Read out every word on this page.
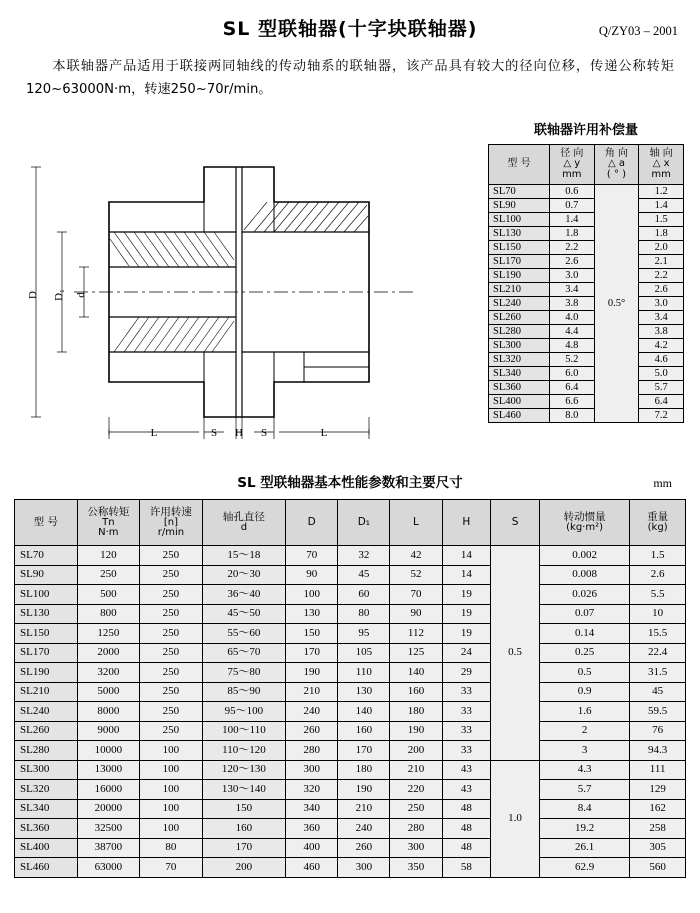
SL 型联轴器(十字块联轴器)	Q/ZY03 – 2001
本联轴器产品适用于联接两同轴线的传动轴系的联轴器，该产品具有较大的径向位移，传递公称转矩120~63000N·m，转速250~70r/min。
D D₁ d
L	S H S	L
联轴器许用补偿量
型 号	径 向
△ y
mm	角 向
△ a
( ° )	轴 向
△ x
mm

SL70	0.6	0.5°	1.2
SL90	0.7		1.4
SL100	1.4		1.5
SL130	1.8		1.8
SL150	2.2		2.0
SL170	2.6		2.1
SL190	3.0		2.2
SL210	3.4		2.6
SL240	3.8		3.0
SL260	4.0		3.4
SL280	4.4		3.8
SL300	4.8		4.2
SL320	5.2		4.6
SL340	6.0		5.0
SL360	6.4		5.7
SL400	6.6		6.4
SL460	8.0		7.2
SL 型联轴器基本性能参数和主要尺寸	mm
型 号	公称转矩
Tn
N·m	许用转速
[n]
r/min	轴孔直径
d	D	D₁	L	H	S	转动惯量
(kg·m²)	重量
(kg)

SL70	120	250	15～18	70	32	42	14	0.5	0.002	1.5
SL90	250	250	20～30	90	45	52	14		0.008	2.6
SL100	500	250	36～40	100	60	70	19		0.026	5.5
SL130	800	250	45～50	130	80	90	19		0.07	10
SL150	1250	250	55～60	150	95	112	19		0.14	15.5
SL170	2000	250	65～70	170	105	125	24		0.25	22.4
SL190	3200	250	75～80	190	110	140	29		0.5	31.5
SL210	5000	250	85～90	210	130	160	33		0.9	45
SL240	8000	250	95～100	240	140	180	33		1.6	59.5
SL260	9000	250	100～110	260	160	190	33		2	76
SL280	10000	100	110～120	280	170	200	33		3	94.3
SL300	13000	100	120～130	300	180	210	43	1.0	4.3	111
SL320	16000	100	130～140	320	190	220	43		5.7	129
SL340	20000	100	150	340	210	250	48		8.4	162
SL360	32500	100	160	360	240	280	48		19.2	258
SL400	38700	80	170	400	260	300	48		26.1	305
SL460	63000	70	200	460	300	350	58		62.9	560
